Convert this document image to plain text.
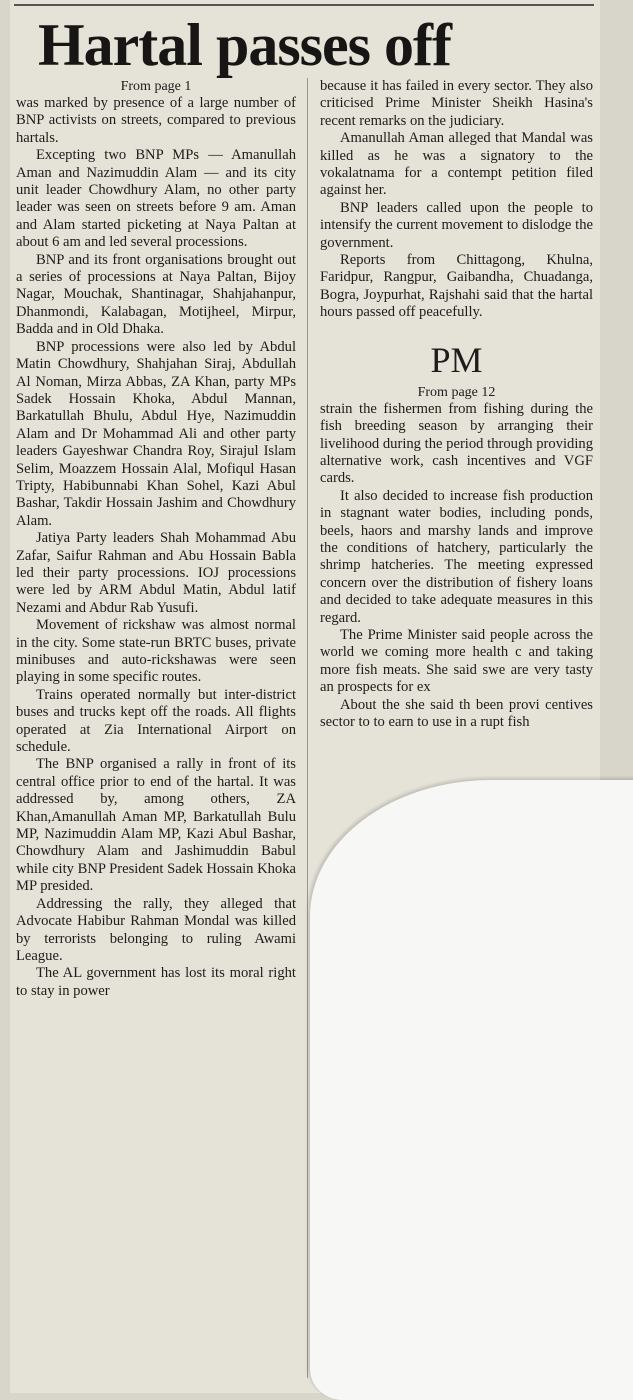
Hartal passes off

From page 1

was marked by presence of a large number of BNP activists on streets, compared to previous hartals.

Excepting two BNP MPs — Amanullah Aman and Nazimuddin Alam — and its city unit leader Chowdhury Alam, no other party leader was seen on streets before 9 am. Aman and Alam started picketing at Naya Paltan at about 6 am and led several processions.

BNP and its front organisations brought out a series of processions at Naya Paltan, Bijoy Nagar, Mouchak, Shantinagar, Shahjahanpur, Dhanmondi, Kalabagan, Motijheel, Mirpur, Badda and in Old Dhaka.

BNP processions were also led by Abdul Matin Chowdhury, Shahjahan Siraj, Abdullah Al Noman, Mirza Abbas, ZA Khan, party MPs Sadek Hossain Khoka, Abdul Mannan, Barkatullah Bhulu, Abdul Hye, Nazimuddin Alam and Dr Mohammad Ali and other party leaders Gayeshwar Chandra Roy, Sirajul Islam Selim, Moazzem Hossain Alal, Mofiqul Hasan Tripty, Habibunnabi Khan Sohel, Kazi Abul Bashar, Takdir Hossain Jashim and Chowdhury Alam.

Jatiya Party leaders Shah Mohammad Abu Zafar, Saifur Rahman and Abu Hossain Babla led their party processions. IOJ processions were led by ARM Abdul Matin, Abdul latif Nezami and Abdur Rab Yusufi.

Movement of rickshaw was almost normal in the city. Some state-run BRTC buses, private minibuses and auto-rickshawas were seen playing in some specific routes.

Trains operated normally but inter-district buses and trucks kept off the roads. All flights operated at Zia International Airport on schedule.

The BNP organised a rally in front of its central office prior to end of the hartal. It was addressed by, among others, ZA Khan,Amanullah Aman MP, Barkatullah Bulu MP, Nazimuddin Alam MP, Kazi Abul Bashar, Chowdhury Alam and Jashimuddin Babul while city BNP President Sadek Hossain Khoka MP presided.

Addressing the rally, they alleged that Advocate Habibur Rahman Mondal was killed by terrorists belonging to ruling Awami League.

The AL government has lost its moral right to stay in power

because it has failed in every sector. They also criticised Prime Minister Sheikh Hasina's recent remarks on the judiciary.

Amanullah Aman alleged that Mandal was killed as he was a signatory to the vokalatnama for a contempt petition filed against her.

BNP leaders called upon the people to intensify the current movement to dislodge the government.

Reports from Chittagong, Khulna, Faridpur, Rangpur, Gaibandha, Chuadanga, Bogra, Joypurhat, Rajshahi said that the hartal hours passed off peacefully.

PM

From page 12

strain the fishermen from fishing during the fish breeding season by arranging their livelihood during the period through providing alternative work, cash incentives and VGF cards.

It also decided to increase fish production in stagnant water bodies, including ponds, beels, haors and marshy lands and improve the conditions of hatchery, particularly the shrimp hatcheries. The meeting expressed concern over the distribution of fishery loans and decided to take adequate measures in this regard.

The Prime Minister said people across the world we coming more health c and taking more fish meats. She said swe are very tasty an prospects for ex

About the she said th been provi centives sector to to earn to use in a rupt fish
